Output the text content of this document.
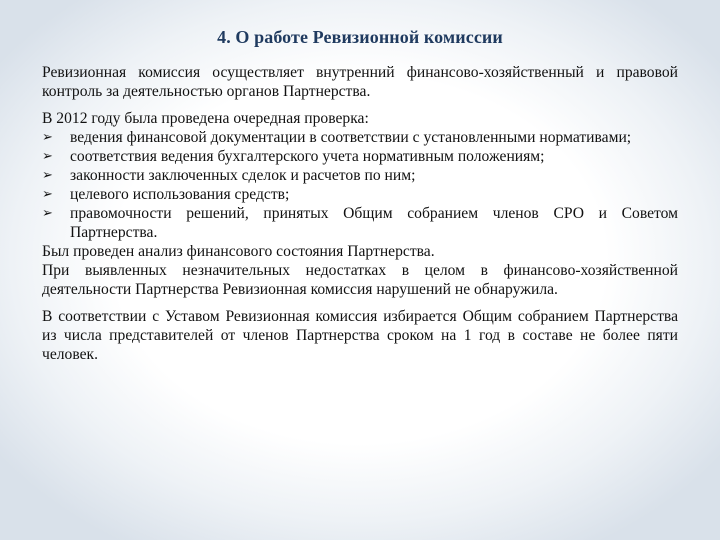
4. О работе Ревизионной комиссии

Ревизионная комиссия осуществляет внутренний финансово-хозяйственный и правовой контроль за деятельностью органов Партнерства.

В 2012 году была проведена очередная проверка:

➢ ведения финансовой документации в соответствии с установленными нормативами;
➢ соответствия ведения бухгалтерского учета нормативным положениям;
➢ законности заключенных сделок и расчетов по ним;
➢ целевого использования средств;
➢ правомочности решений, принятых Общим собранием членов СРО и Советом Партнерства.

Был проведен анализ финансового состояния Партнерства.

При выявленных незначительных недостатках в целом в финансово-хозяйственной деятельности Партнерства Ревизионная комиссия нарушений не обнаружила.

В соответствии с Уставом Ревизионная комиссия избирается Общим собранием Партнерства из числа представителей от членов Партнерства сроком на 1 год в составе не более пяти человек.
